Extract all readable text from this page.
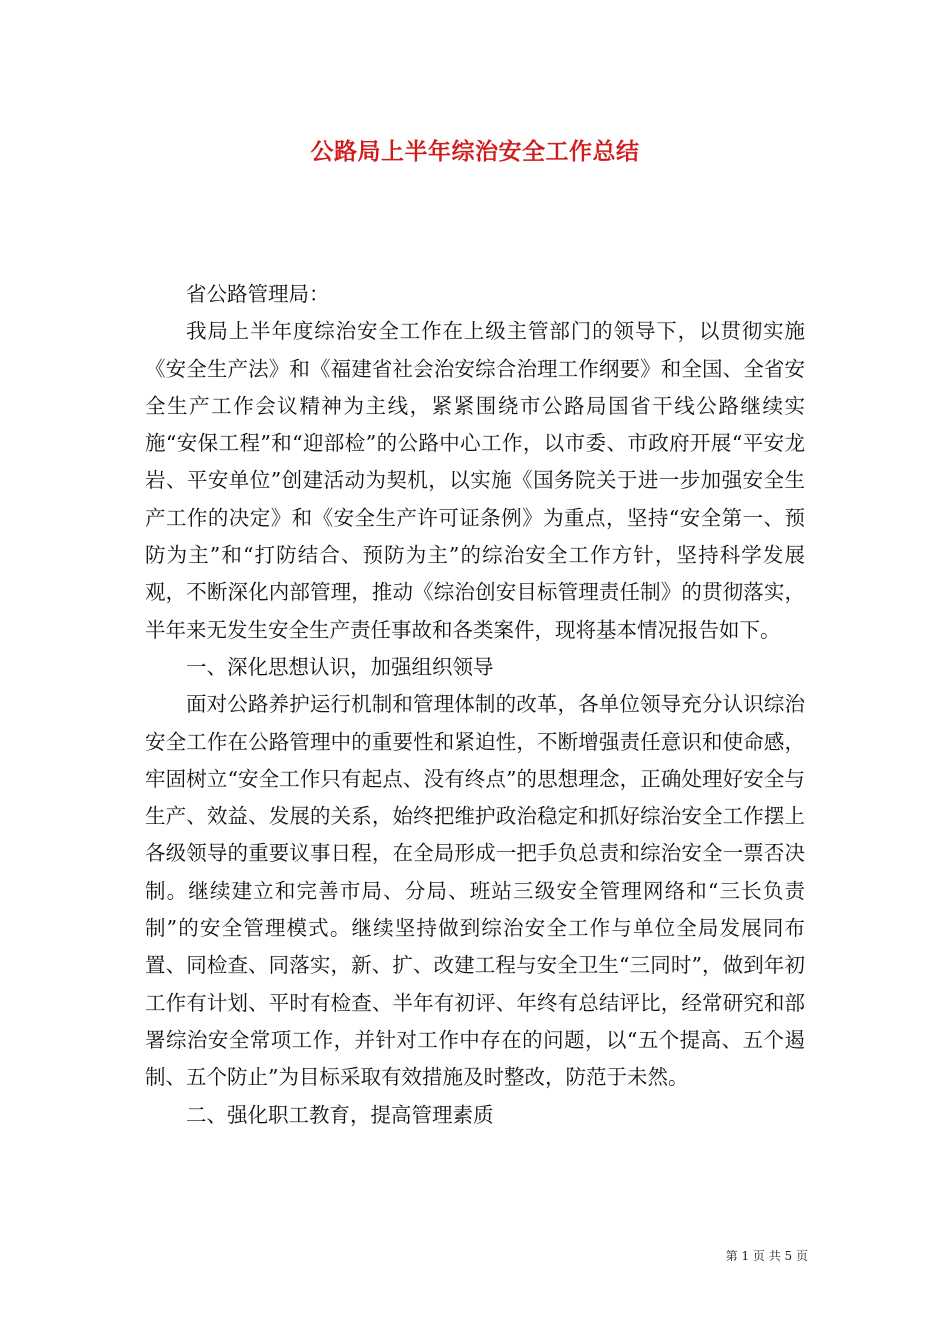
公路局上半年综治安全工作总结

省公路管理局：

我局上半年度综治安全工作在上级主管部门的领导下，以贯彻实施《安全生产法》和《福建省社会治安综合治理工作纲要》和全国、全省安全生产工作会议精神为主线，紧紧围绕市公路局国省干线公路继续实施“安保工程”和“迎部检”的公路中心工作，以市委、市政府开展“平安龙岩、平安单位”创建活动为契机，以实施《国务院关于进一步加强安全生产工作的决定》和《安全生产许可证条例》为重点，坚持“安全第一、预防为主”和“打防结合、预防为主”的综治安全工作方针，坚持科学发展观，不断深化内部管理，推动《综治创安目标管理责任制》的贯彻落实，半年来无发生安全生产责任事故和各类案件，现将基本情况报告如下。

一、深化思想认识，加强组织领导

面对公路养护运行机制和管理体制的改革，各单位领导充分认识综治安全工作在公路管理中的重要性和紧迫性，不断增强责任意识和使命感，牢固树立“安全工作只有起点、没有终点”的思想理念，正确处理好安全与生产、效益、发展的关系，始终把维护政治稳定和抓好综治安全工作摆上各级领导的重要议事日程，在全局形成一把手负总责和综治安全一票否决制。继续建立和完善市局、分局、班站三级安全管理网络和“三长负责制”的安全管理模式。继续坚持做到综治安全工作与单位全局发展同布置、同检查、同落实，新、扩、改建工程与安全卫生“三同时”，做到年初工作有计划、平时有检查、半年有初评、年终有总结评比，经常研究和部署综治安全常项工作，并针对工作中存在的问题，以“五个提高、五个遏制、五个防止”为目标采取有效措施及时整改，防范于未然。

二、强化职工教育，提高管理素质

第 1 页 共 5 页
